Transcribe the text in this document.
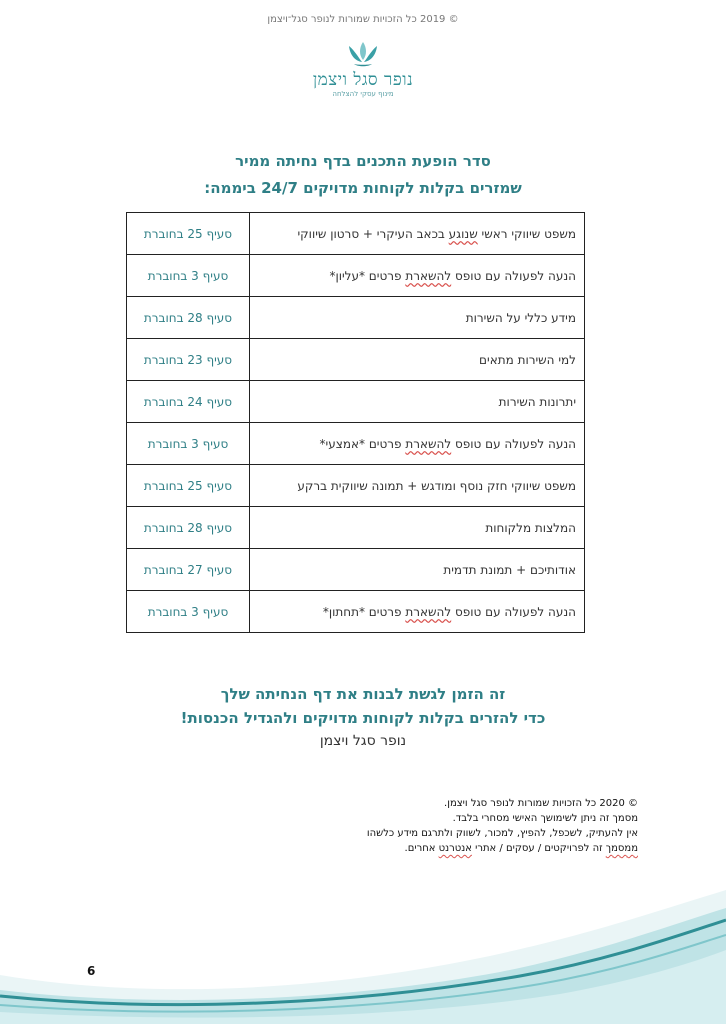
© 2019 כל הזכויות שמורות לנופר סגל־ויצמן
נופר סגל ויצמן
מינוף עסקי להצלחה
סדר הופעת התכנים בדף נחיתה ממיר
שמזרים בקלות לקוחות מדויקים 24/7 ביממה:
משפט שיווקי ראשי שנוגע בכאב העיקרי + סרטון שיווקי	סעיף 25 בחוברת
הנעה לפעולה עם טופס להשארת פרטים *עליון*	סעיף 3 בחוברת
מידע כללי על השירות	סעיף 28 בחוברת
למי השירות מתאים	סעיף 23 בחוברת
יתרונות השירות	סעיף 24 בחוברת
הנעה לפעולה עם טופס להשארת פרטים *אמצעי*	סעיף 3 בחוברת
משפט שיווקי חזק נוסף ומודגש + תמונה שיווקית ברקע	סעיף 25 בחוברת
המלצות מלקוחות	סעיף 28 בחוברת
אודותיכם + תמונת תדמית	סעיף 27 בחוברת
הנעה לפעולה עם טופס להשארת פרטים *תחתון*	סעיף 3 בחוברת
זה הזמן לגשת לבנות את דף הנחיתה שלך
כדי להזרים בקלות לקוחות מדויקים ולהגדיל הכנסות!
נופר סגל ויצמן
© 2020 כל הזכויות שמורות לנופר סגל ויצמן.
מסמך זה ניתן לשימושך האישי מסחרי בלבד.
אין להעתיק, לשכפל, להפיץ, למכור, לשווק ולתרגם מידע כלשהו
ממסמך זה לפרויקטים / עסקים / אתרי אנטרנט אחרים.
6
